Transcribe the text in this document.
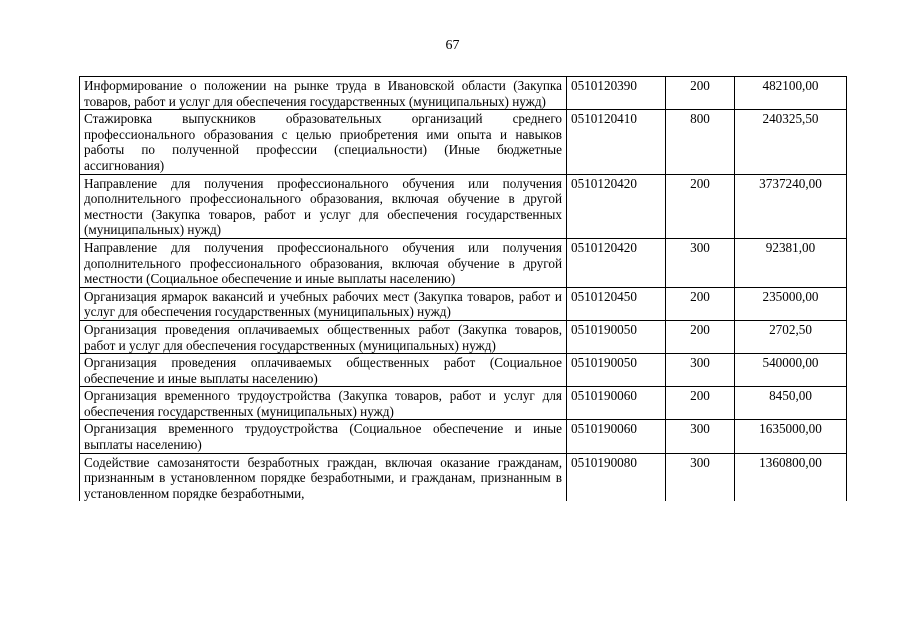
67
Информирование о положении на рынке труда в Ивановской области (Закупка товаров, работ и услуг для обеспечения государственных (муниципальных) нужд)	0510120390	200	482100,00
Стажировка выпускников образовательных организаций среднего профессионального образования с целью приобретения ими опыта и навыков работы по полученной профессии (специальности) (Иные бюджетные ассигнования)	0510120410	800	240325,50
Направление для получения профессионального обучения или получения дополнительного профессионального образования, включая обучение в другой местности (Закупка товаров, работ и услуг для обеспечения государственных (муниципальных) нужд)	0510120420	200	3737240,00
Направление для получения профессионального обучения или получения дополнительного профессионального образования, включая обучение в другой местности (Социальное обеспечение и иные выплаты населению)	0510120420	300	92381,00
Организация ярмарок вакансий и учебных рабочих мест (Закупка товаров, работ и услуг для обеспечения государственных (муниципальных) нужд)	0510120450	200	235000,00
Организация проведения оплачиваемых общественных работ (Закупка товаров, работ и услуг для обеспечения государственных (муниципальных) нужд)	0510190050	200	2702,50
Организация проведения оплачиваемых общественных работ (Социальное обеспечение и иные выплаты населению)	0510190050	300	540000,00
Организация временного трудоустройства (Закупка товаров, работ и услуг для обеспечения государственных (муниципальных) нужд)	0510190060	200	8450,00
Организация временного трудоустройства (Социальное обеспечение и иные выплаты населению)	0510190060	300	1635000,00

Содействие самозанятости безработных граждан, включая оказание гражданам, признанным в установленном порядке безработными, и гражданам, признанным в установленном порядке безработными,	0510190080	300	1360800,00
